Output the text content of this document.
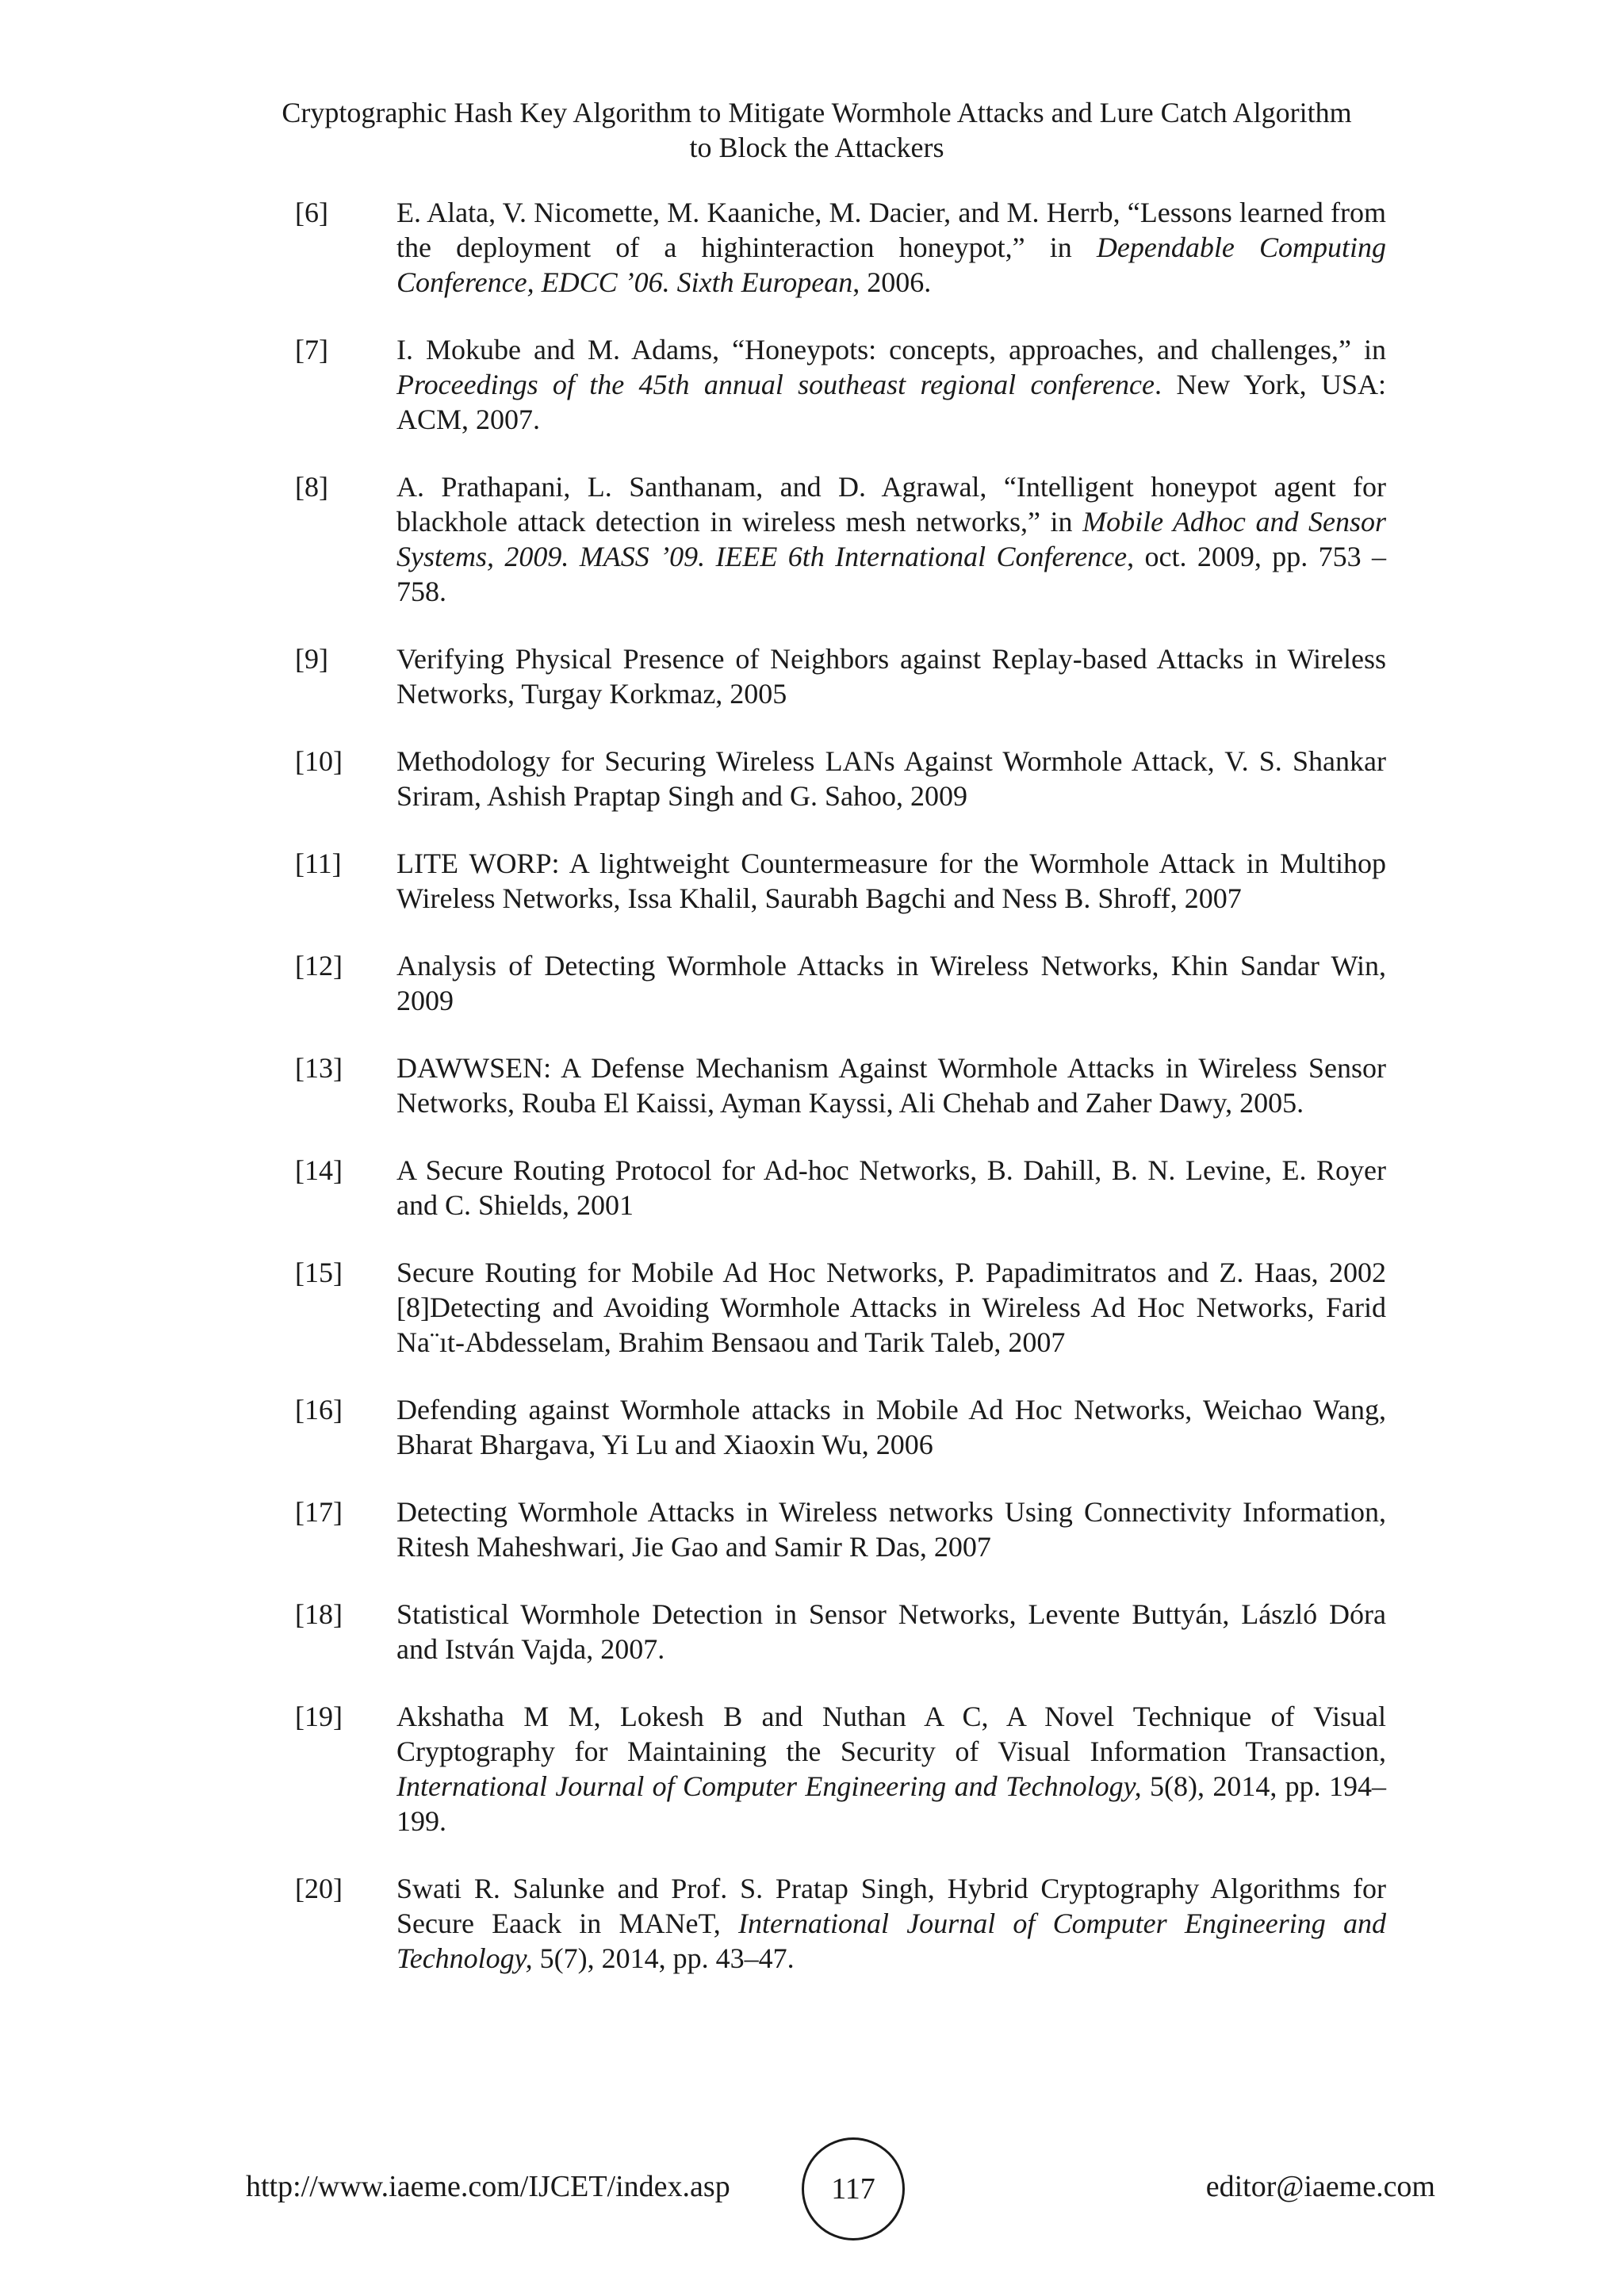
Cryptographic Hash Key Algorithm to Mitigate Wormhole Attacks and Lure Catch Algorithm
to Block the Attackers
[6]	E. Alata, V. Nicomette, M. Kaaniche, M. Dacier, and M. Herrb, “Lessons learned from the deployment of a highinteraction honeypot,” in Dependable Computing Conference, EDCC ’06. Sixth European, 2006.
[7]	I. Mokube and M. Adams, “Honeypots: concepts, approaches, and challenges,” in Proceedings of the 45th annual southeast regional conference. New York, USA: ACM, 2007.
[8]	A. Prathapani, L. Santhanam, and D. Agrawal, “Intelligent honeypot agent for blackhole attack detection in wireless mesh networks,” in Mobile Adhoc and Sensor Systems, 2009. MASS ’09. IEEE 6th International Conference, oct. 2009, pp. 753 –758.
[9]	Verifying Physical Presence of Neighbors against Replay-based Attacks in Wireless Networks, Turgay Korkmaz, 2005
[10]	Methodology for Securing Wireless LANs Against Wormhole Attack, V. S. Shankar Sriram, Ashish Praptap Singh and G. Sahoo, 2009
[11]	LITE WORP: A lightweight Countermeasure for the Wormhole Attack in Multihop Wireless Networks, Issa Khalil, Saurabh Bagchi and Ness B. Shroff, 2007
[12]	Analysis of Detecting Wormhole Attacks in Wireless Networks, Khin Sandar Win, 2009
[13]	DAWWSEN: A Defense Mechanism Against Wormhole Attacks in Wireless Sensor Networks, Rouba El Kaissi, Ayman Kayssi, Ali Chehab and Zaher Dawy, 2005.
[14]	A Secure Routing Protocol for Ad-hoc Networks, B. Dahill, B. N. Levine, E. Royer and C. Shields, 2001
[15]	Secure Routing for Mobile Ad Hoc Networks, P. Papadimitratos and Z. Haas, 2002 [8]Detecting and Avoiding Wormhole Attacks in Wireless Ad Hoc Networks, Farid Na¨ıt-Abdesselam, Brahim Bensaou and Tarik Taleb, 2007
[16]	Defending against Wormhole attacks in Mobile Ad Hoc Networks, Weichao Wang, Bharat Bhargava, Yi Lu and Xiaoxin Wu, 2006
[17]	Detecting Wormhole Attacks in Wireless networks Using Connectivity Information, Ritesh Maheshwari, Jie Gao and Samir R Das, 2007
[18]	Statistical Wormhole Detection in Sensor Networks, Levente Buttyán, László Dóra and István Vajda, 2007.
[19]	Akshatha M M, Lokesh B and Nuthan A C, A Novel Technique of Visual Cryptography for Maintaining the Security of Visual Information Transaction, International Journal of Computer Engineering and Technology, 5(8), 2014, pp. 194–199.
[20]	Swati R. Salunke and Prof. S. Pratap Singh, Hybrid Cryptography Algorithms for Secure Eaack in MANeT, International Journal of Computer Engineering and Technology, 5(7), 2014, pp. 43–47.
http://www.iaeme.com/IJCET/index.asp	117	editor@iaeme.com
